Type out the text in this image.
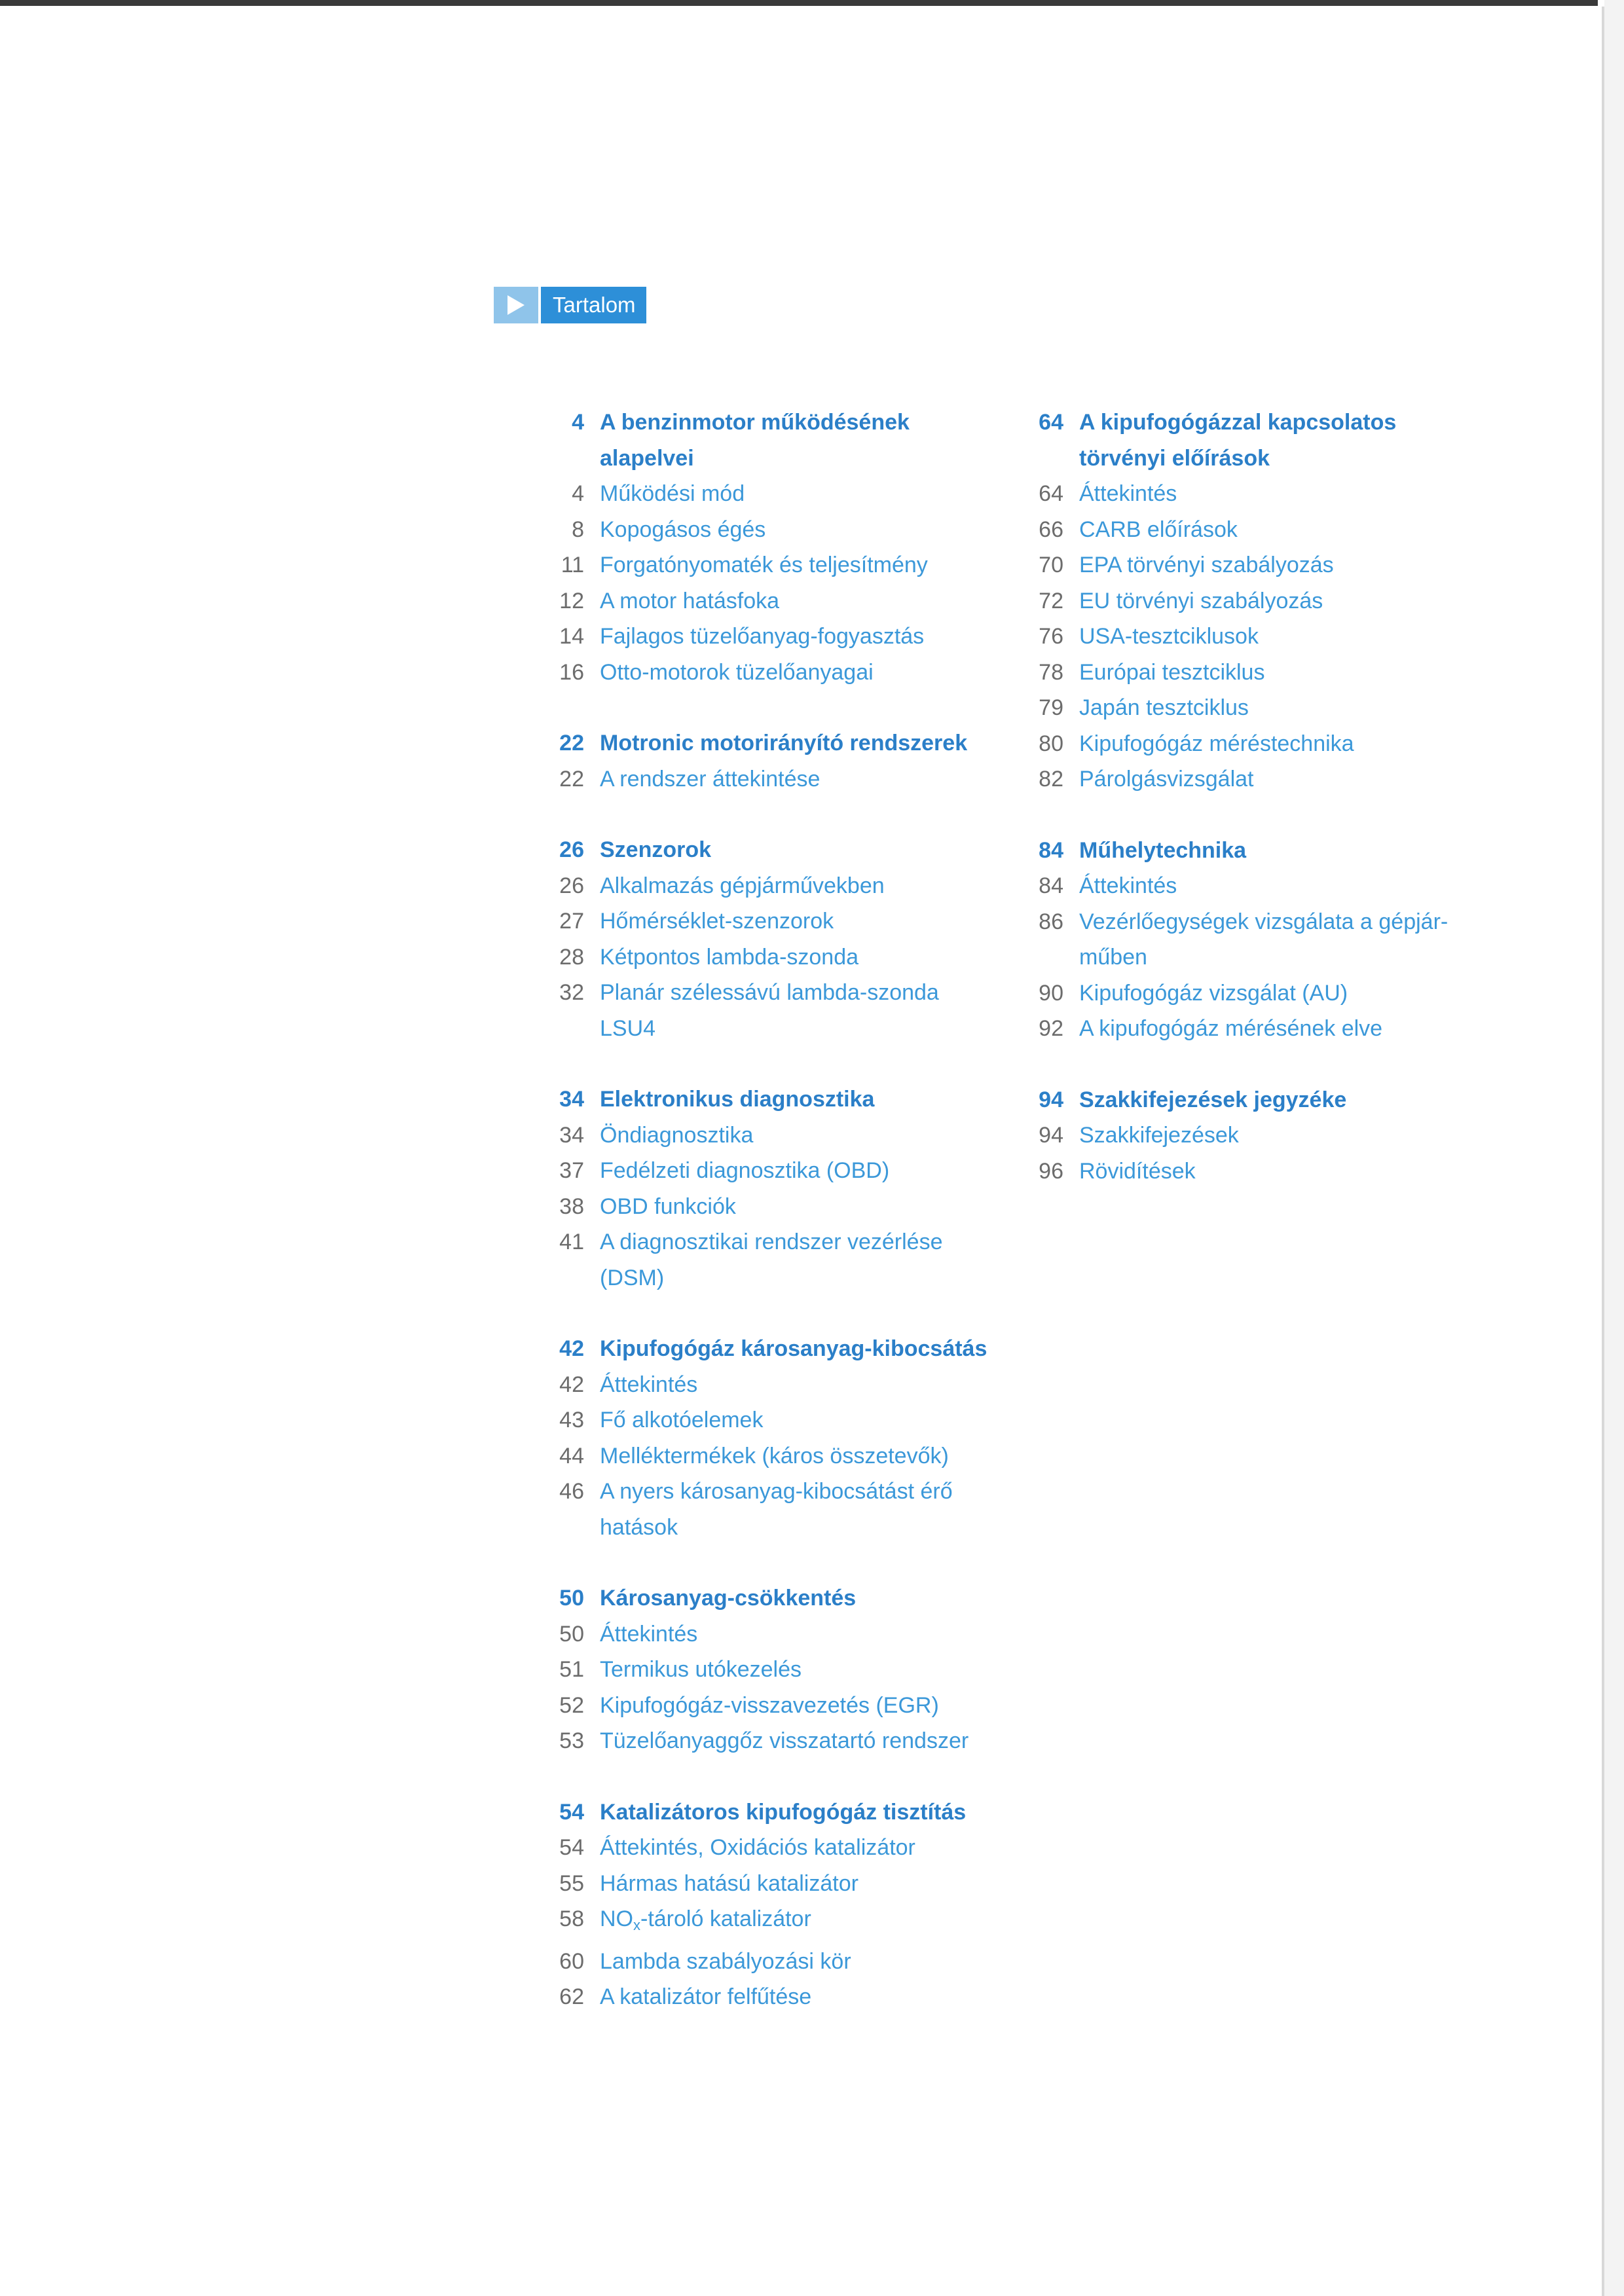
Tartalom
4 A benzinmotor működésének alapelvei
4 Működési mód
8 Kopogásos égés
11 Forgatónyomaték és teljesítmény
12 A motor hatásfoka
14 Fajlagos tüzelőanyag-fogyasztás
16 Otto-motorok tüzelőanyagai
22 Motronic motorirányító rendszerek
22 A rendszer áttekintése
26 Szenzorok
26 Alkalmazás gépjárművekben
27 Hőmérséklet-szenzorok
28 Kétpontos lambda-szonda
32 Planár szélessávú lambda-szonda LSU4
34 Elektronikus diagnosztika
34 Öndiagnosztika
37 Fedélzeti diagnosztika (OBD)
38 OBD funkciók
41 A diagnosztikai rendszer vezérlése (DSM)
42 Kipufogógáz károsanyag-kibocsátás
42 Áttekintés
43 Fő alkotóelemek
44 Melléktermékek (káros összetevők)
46 A nyers károsanyag-kibocsátást érő hatások
50 Károsanyag-csökkentés
50 Áttekintés
51 Termikus utókezelés
52 Kipufogógáz-visszavezetés (EGR)
53 Tüzelőanyaggőz visszatartó rendszer
54 Katalizátoros kipufogógáz tisztítás
54 Áttekintés, Oxidációs katalizátor
55 Hármas hatású katalizátor
58 $NO_x$-tároló katalizátor
60 Lambda szabályozási kör
62 A katalizátor felfűtése
64 A kipufogógázzal kapcsolatos törvényi előírások
64 Áttekintés
66 CARB előírások
70 EPA törvényi szabályozás
72 EU törvényi szabályozás
76 USA-tesztciklusok
78 Európai tesztciklus
79 Japán tesztciklus
80 Kipufogógáz méréstechnika
82 Párolgásvizsgálat
84 Műhelytechnika
84 Áttekintés
86 Vezérlőegységek vizsgálata a gépjár-műben
90 Kipufogógáz vizsgálat (AU)
92 A kipufogógáz mérésének elve
94 Szakkifejezések jegyzéke
94 Szakkifejezések
96 Rövidítések
